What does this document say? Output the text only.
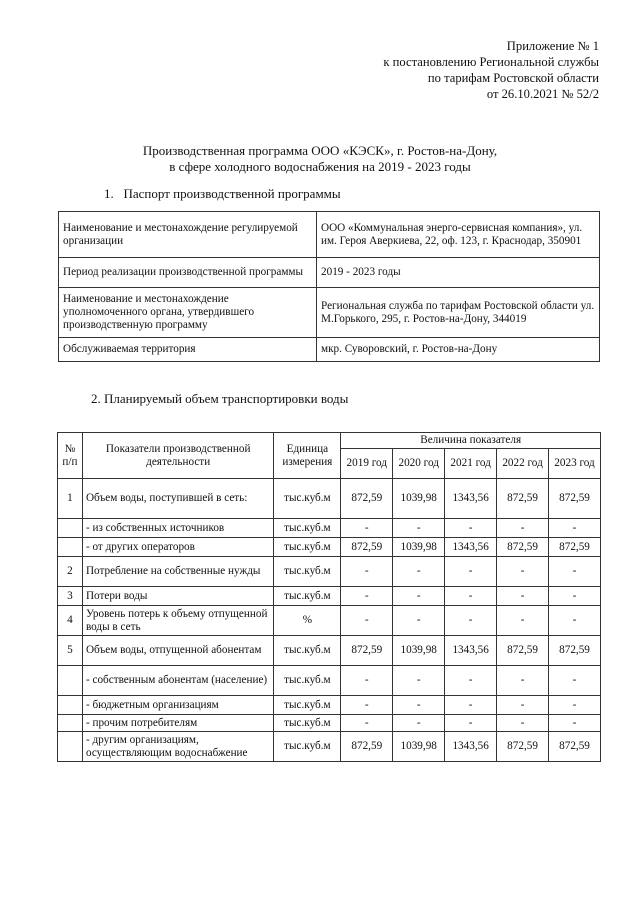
Приложение № 1
к постановлению Региональной службы
по тарифам Ростовской области
от 26.10.2021 № 52/2
Производственная программа ООО «КЭСК», г. Ростов-на-Дону,
в сфере холодного водоснабжения на 2019 - 2023 годы
1. Паспорт производственной программы
Наименование и местонахождение регулируемой организации	ООО «Коммунальная энерго-сервисная компания», ул. им. Героя Аверкиева, 22, оф. 123, г. Краснодар, 350901
Период реализации производственной программы	2019 - 2023 годы
Наименование и местонахождение уполномоченного органа, утвердившего производственную программу	Региональная служба по тарифам Ростовской области ул. М.Горького, 295, г. Ростов-на-Дону, 344019
Обслуживаемая территория	мкр. Суворовский, г. Ростов-на-Дону
2. Планируемый объем транспортировки воды
№ п/п	Показатели производственной деятельности	Единица измерения	Величина показателя				
			2019 год	2020 год	2021 год	2022 год	2023 год
1	Объем воды, поступившей в сеть:	тыс.куб.м	872,59	1039,98	1343,56	872,59	872,59
	- из собственных источников	тыс.куб.м	-	-	-	-	-
	- от других операторов	тыс.куб.м	872,59	1039,98	1343,56	872,59	872,59
2	Потребление на собственные нужды	тыс.куб.м	-	-	-	-	-
3	Потери воды	тыс.куб.м	-	-	-	-	-
4	Уровень потерь к объему отпущенной воды в сеть	%	-	-	-	-	-
5	Объем воды, отпущенной абонентам	тыс.куб.м	872,59	1039,98	1343,56	872,59	872,59
	- собственным абонентам (население)	тыс.куб.м	-	-	-	-	-
	- бюджетным организациям	тыс.куб.м	-	-	-	-	-
	- прочим потребителям	тыс.куб.м	-	-	-	-	-
	- другим организациям, осуществляющим водоснабжение	тыс.куб.м	872,59	1039,98	1343,56	872,59	872,59
